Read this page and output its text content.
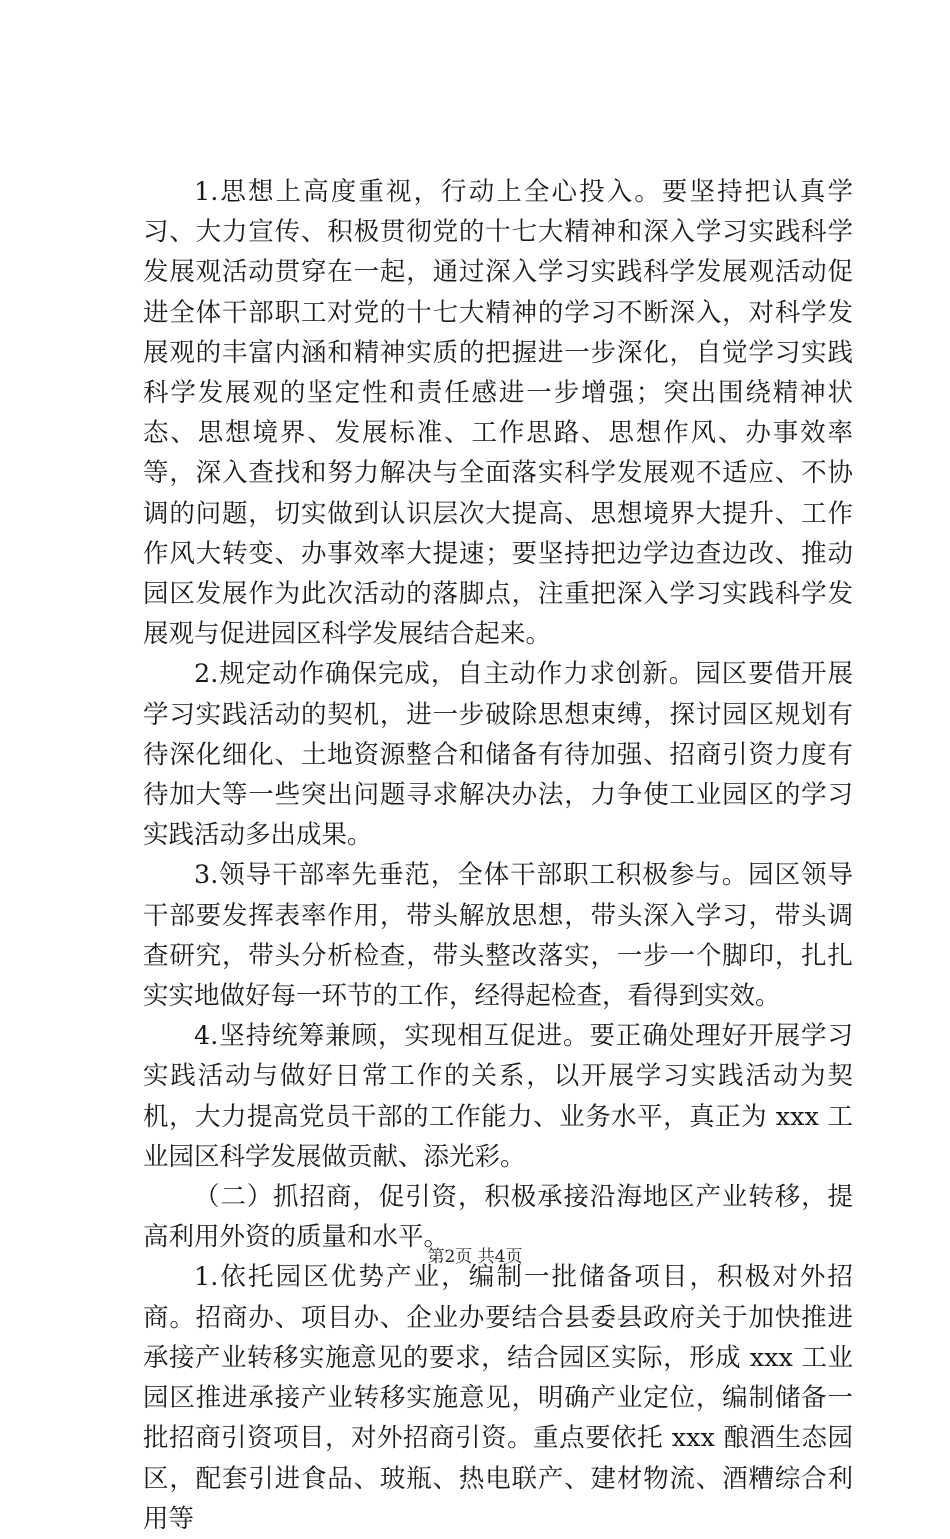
1.思想上高度重视，行动上全心投入。要坚持把认真学习、大力宣传、积极贯彻党的十七大精神和深入学习实践科学发展观活动贯穿在一起，通过深入学习实践科学发展观活动促进全体干部职工对党的十七大精神的学习不断深入，对科学发展观的丰富内涵和精神实质的把握进一步深化，自觉学习实践科学发展观的坚定性和责任感进一步增强；突出围绕精神状态、思想境界、发展标准、工作思路、思想作风、办事效率等，深入查找和努力解决与全面落实科学发展观不适应、不协调的问题，切实做到认识层次大提高、思想境界大提升、工作作风大转变、办事效率大提速；要坚持把边学边查边改、推动园区发展作为此次活动的落脚点，注重把深入学习实践科学发展观与促进园区科学发展结合起来。

2.规定动作确保完成，自主动作力求创新。园区要借开展学习实践活动的契机，进一步破除思想束缚，探讨园区规划有待深化细化、土地资源整合和储备有待加强、招商引资力度有待加大等一些突出问题寻求解决办法，力争使工业园区的学习实践活动多出成果。

3.领导干部率先垂范，全体干部职工积极参与。园区领导干部要发挥表率作用，带头解放思想，带头深入学习，带头调查研究，带头分析检查，带头整改落实，一步一个脚印，扎扎实实地做好每一环节的工作，经得起检查，看得到实效。

4.坚持统筹兼顾，实现相互促进。要正确处理好开展学习实践活动与做好日常工作的关系，以开展学习实践活动为契机，大力提高党员干部的工作能力、业务水平，真正为 xxx 工业园区科学发展做贡献、添光彩。

（二）抓招商，促引资，积极承接沿海地区产业转移，提高利用外资的质量和水平。

1.依托园区优势产业，编制一批储备项目，积极对外招商。招商办、项目办、企业办要结合县委县政府关于加快推进承接产业转移实施意见的要求，结合园区实际，形成 xxx 工业园区推进承接产业转移实施意见，明确产业定位，编制储备一批招商引资项目，对外招商引资。重点要依托 xxx 酿酒生态园区，配套引进食品、玻瓶、热电联产、建材物流、酒糟综合利用等

第2页 共4页
